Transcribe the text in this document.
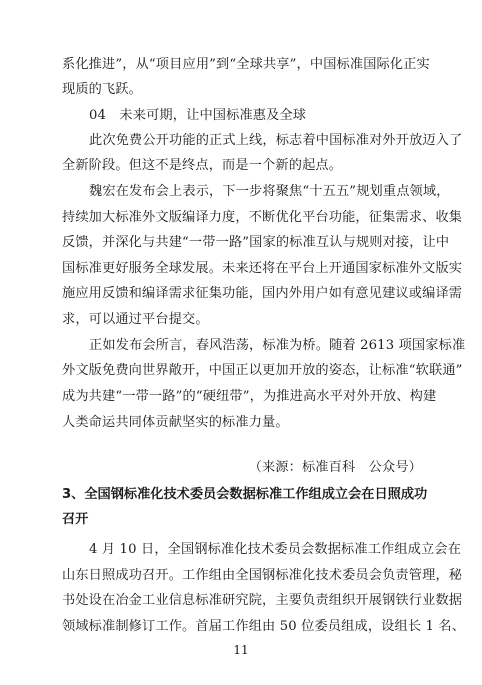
系化推进”，从“项目应用”到“全球共享”，中国标准国际化正实
现质的飞跃。
04　未来可期，让中国标准惠及全球
此次免费公开功能的正式上线，标志着中国标准对外开放迈入了
全新阶段。但这不是终点，而是一个新的起点。
魏宏在发布会上表示，下一步将聚焦“十五五”规划重点领域，
持续加大标准外文版编译力度，不断优化平台功能，征集需求、收集
反馈，并深化与共建“一带一路”国家的标准互认与规则对接，让中
国标准更好服务全球发展。未来还将在平台上开通国家标准外文版实
施应用反馈和编译需求征集功能，国内外用户如有意见建议或编译需
求，可以通过平台提交。
正如发布会所言，春风浩荡，标准为桥。随着 2613 项国家标准
外文版免费向世界敞开，中国正以更加开放的姿态，让标准“软联通”
成为共建“一带一路”的“硬纽带”，为推进高水平对外开放、构建
人类命运共同体贡献坚实的标准力量。
（来源：标准百科　公众号）
3、全国钢标准化技术委员会数据标准工作组成立会在日照成功
召开
4 月 10 日，全国钢标准化技术委员会数据标准工作组成立会在
山东日照成功召开。工作组由全国钢标准化技术委员会负责管理，秘
书处设在冶金工业信息标准研究院，主要负责组织开展钢铁行业数据
领域标准制修订工作。首届工作组由 50 位委员组成，设组长 1 名、
11
